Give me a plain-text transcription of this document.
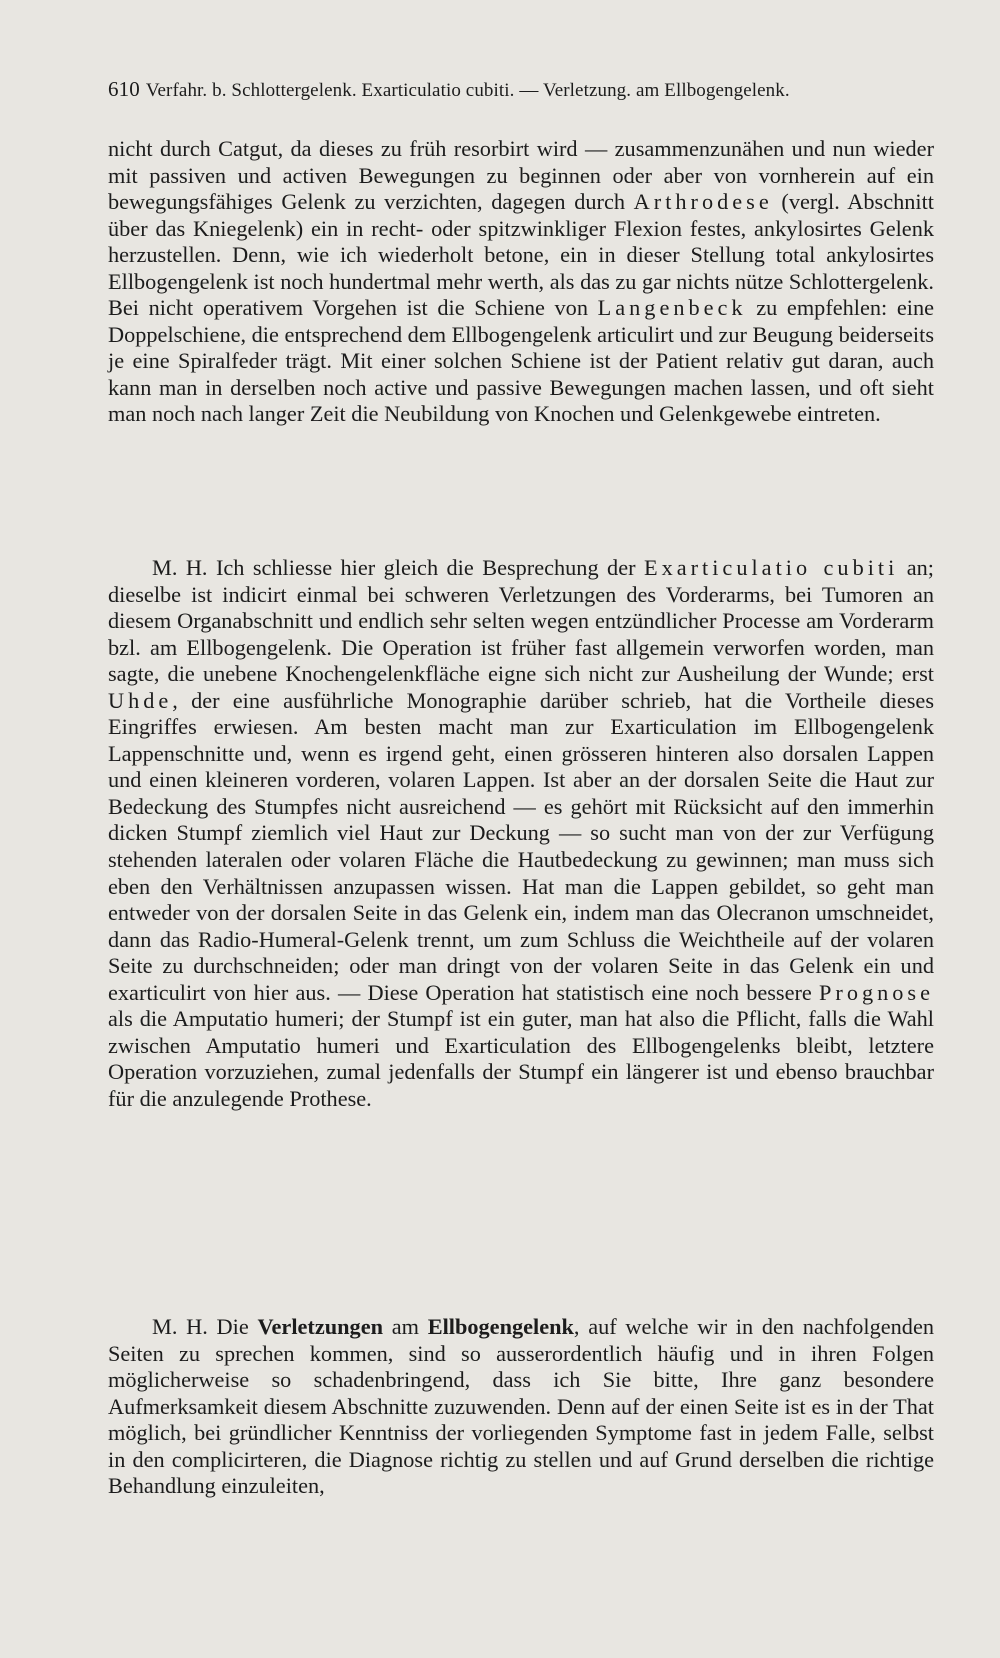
610 Verfahr. b. Schlottergelenk. Exarticulatio cubiti. — Verletzung. am Ellbogengelenk.

nicht durch Catgut, da dieses zu früh resorbirt wird — zusammenzunähen und nun wieder mit passiven und activen Bewegungen zu beginnen oder aber von vornherein auf ein bewegungsfähiges Gelenk zu verzichten, dagegen durch Arthrodese (vergl. Abschnitt über das Kniegelenk) ein in recht- oder spitzwinkliger Flexion festes, ankylosirtes Gelenk herzustellen. Denn, wie ich wiederholt betone, ein in dieser Stellung total ankylosirtes Ellbogengelenk ist noch hundertmal mehr werth, als das zu gar nichts nütze Schlottergelenk. Bei nicht operativem Vorgehen ist die Schiene von Langenbeck zu empfehlen: eine Doppelschiene, die entsprechend dem Ellbogengelenk articulirt und zur Beugung beiderseits je eine Spiralfeder trägt. Mit einer solchen Schiene ist der Patient relativ gut daran, auch kann man in derselben noch active und passive Bewegungen machen lassen, und oft sieht man noch nach langer Zeit die Neubildung von Knochen und Gelenkgewebe eintreten.

M. H. Ich schliesse hier gleich die Besprechung der Exarticulatio cubiti an; dieselbe ist indicirt einmal bei schweren Verletzungen des Vorderarms, bei Tumoren an diesem Organabschnitt und endlich sehr selten wegen entzündlicher Processe am Vorderarm bzl. am Ellbogengelenk. Die Operation ist früher fast allgemein verworfen worden, man sagte, die unebene Knochengelenkfläche eigne sich nicht zur Ausheilung der Wunde; erst Uhde, der eine ausführliche Monographie darüber schrieb, hat die Vortheile dieses Eingriffes erwiesen. Am besten macht man zur Exarticulation im Ellbogengelenk Lappenschnitte und, wenn es irgend geht, einen grösseren hinteren also dorsalen Lappen und einen kleineren vorderen, volaren Lappen. Ist aber an der dorsalen Seite die Haut zur Bedeckung des Stumpfes nicht ausreichend — es gehört mit Rücksicht auf den immerhin dicken Stumpf ziemlich viel Haut zur Deckung — so sucht man von der zur Verfügung stehenden lateralen oder volaren Fläche die Hautbedeckung zu gewinnen; man muss sich eben den Verhältnissen anzupassen wissen. Hat man die Lappen gebildet, so geht man entweder von der dorsalen Seite in das Gelenk ein, indem man das Olecranon umschneidet, dann das Radio-Humeral-Gelenk trennt, um zum Schluss die Weichtheile auf der volaren Seite zu durchschneiden; oder man dringt von der volaren Seite in das Gelenk ein und exarticulirt von hier aus. — Diese Operation hat statistisch eine noch bessere Prognose als die Amputatio humeri; der Stumpf ist ein guter, man hat also die Pflicht, falls die Wahl zwischen Amputatio humeri und Exarticulation des Ellbogengelenks bleibt, letztere Operation vorzuziehen, zumal jedenfalls der Stumpf ein längerer ist und ebenso brauchbar für die anzulegende Prothese.

M. H. Die Verletzungen am Ellbogengelenk, auf welche wir in den nachfolgenden Seiten zu sprechen kommen, sind so ausserordentlich häufig und in ihren Folgen möglicherweise so schadenbringend, dass ich Sie bitte, Ihre ganz besondere Aufmerksamkeit diesem Abschnitte zuzuwenden. Denn auf der einen Seite ist es in der That möglich, bei gründlicher Kenntniss der vorliegenden Symptome fast in jedem Falle, selbst in den complicirteren, die Diagnose richtig zu stellen und auf Grund derselben die richtige Behandlung einzuleiten,
